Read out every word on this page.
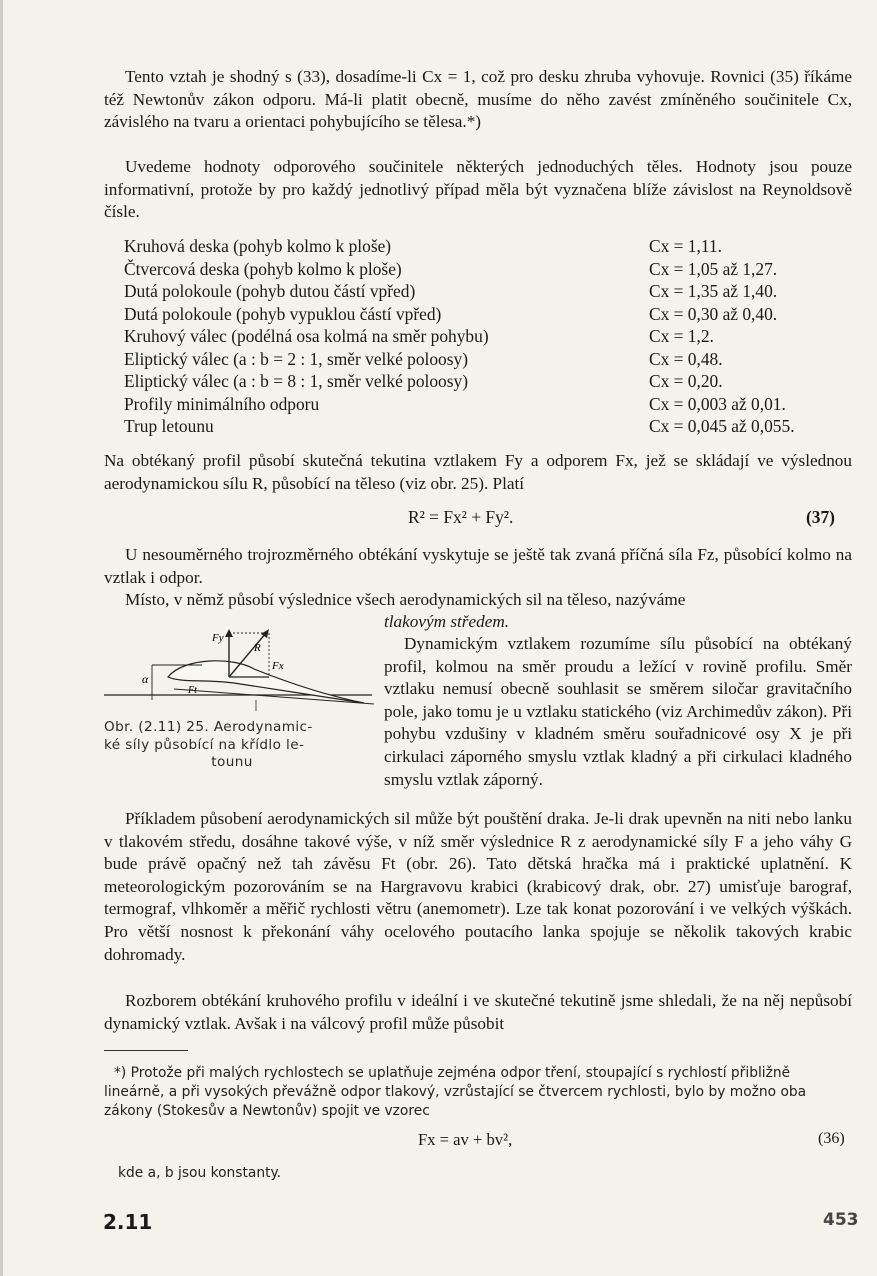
Tento vztah je shodný s (33), dosadíme-li Cx = 1, což pro desku zhruba vyhovuje. Rovnici (35) říkáme též Newtonův zákon odporu. Má-li platit obecně, musíme do něho zavést zmíněného součinitele Cx, závislého na tvaru a orientaci pohybujícího se tělesa.*)
Uvedeme hodnoty odporového součinitele některých jednoduchých těles. Hodnoty jsou pouze informativní, protože by pro každý jednotlivý případ měla být vyznačena blíže závislost na Reynoldsově čísle.
Kruhová deska (pohyb kolmo k ploše)	Cx = 1,11.
Čtvercová deska (pohyb kolmo k ploše)	Cx = 1,05 až 1,27.
Dutá polokoule (pohyb dutou částí vpřed)	Cx = 1,35 až 1,40.
Dutá polokoule (pohyb vypuklou částí vpřed)	Cx = 0,30 až 0,40.
Kruhový válec (podélná osa kolmá na směr pohybu)	Cx = 1,2.
Eliptický válec (a : b = 2 : 1, směr velké poloosy)	Cx = 0,48.
Eliptický válec (a : b = 8 : 1, směr velké poloosy)	Cx = 0,20.
Profily minimálního odporu	Cx = 0,003 až 0,01.
Trup letounu	Cx = 0,045 až 0,055.
Na obtékaný profil působí skutečná tekutina vztlakem Fy a odporem Fx, jež se skládají ve výslednou aerodynamickou sílu R, působící na těleso (viz obr. 25). Platí
R² = Fx² + Fy².	(37)
U nesouměrného trojrozměrného obtékání vyskytuje se ještě tak zvaná příčná síla Fz, působící kolmo na vztlak i odpor.
Místo, v němž působí výslednice všech aerodynamických sil na těleso, nazýváme
tlakovým středem.
Fy
R
Fx
α
Ft
Obr. (2.11) 25. Aerodynamic-
ké síly působící na křídlo le-

tounu
Dynamickým vztlakem rozumíme sílu působící na obtékaný profil, kolmou na směr proudu a ležící v rovině profilu. Směr vztlaku nemusí obecně souhlasit se směrem siločar gravitačního pole, jako tomu je u vztlaku statického (viz Archimedův zákon). Při pohybu vzdušiny v kladném směru souřadnicové osy X je při cirkulaci záporného smyslu vztlak kladný a při cirkulaci kladného smyslu vztlak záporný.
Příkladem působení aerodynamických sil může být pouštění draka. Je-li drak upevněn na niti nebo lanku v tlakovém středu, dosáhne takové výše, v níž směr výslednice R z aerodynamické síly F a jeho váhy G bude právě opačný než tah závěsu Ft (obr. 26). Tato dětská hračka má i praktické uplatnění. K meteorologickým pozorováním se na Hargravovu krabici (krabicový drak, obr. 27) umisťuje barograf, termograf, vlhkoměr a měřič rychlosti větru (anemometr). Lze tak konat pozorování i ve velkých výškách. Pro větší nosnost k překonání váhy ocelového poutacího lanka spojuje se několik takových krabic dohromady.
Rozborem obtékání kruhového profilu v ideální i ve skutečné tekutině jsme shledali, že na něj nepůsobí dynamický vztlak. Avšak i na válcový profil může působit
*) Protože při malých rychlostech se uplatňuje zejména odpor tření, stoupající s rychlostí přibližně lineárně, a při vysokých převážně odpor tlakový, vzrůstající se čtvercem rychlosti, bylo by možno oba zákony (Stokesův a Newtonův) spojit ve vzorec
Fx = av + bv²,	(36)
kde a, b jsou konstanty.
2.11	453
